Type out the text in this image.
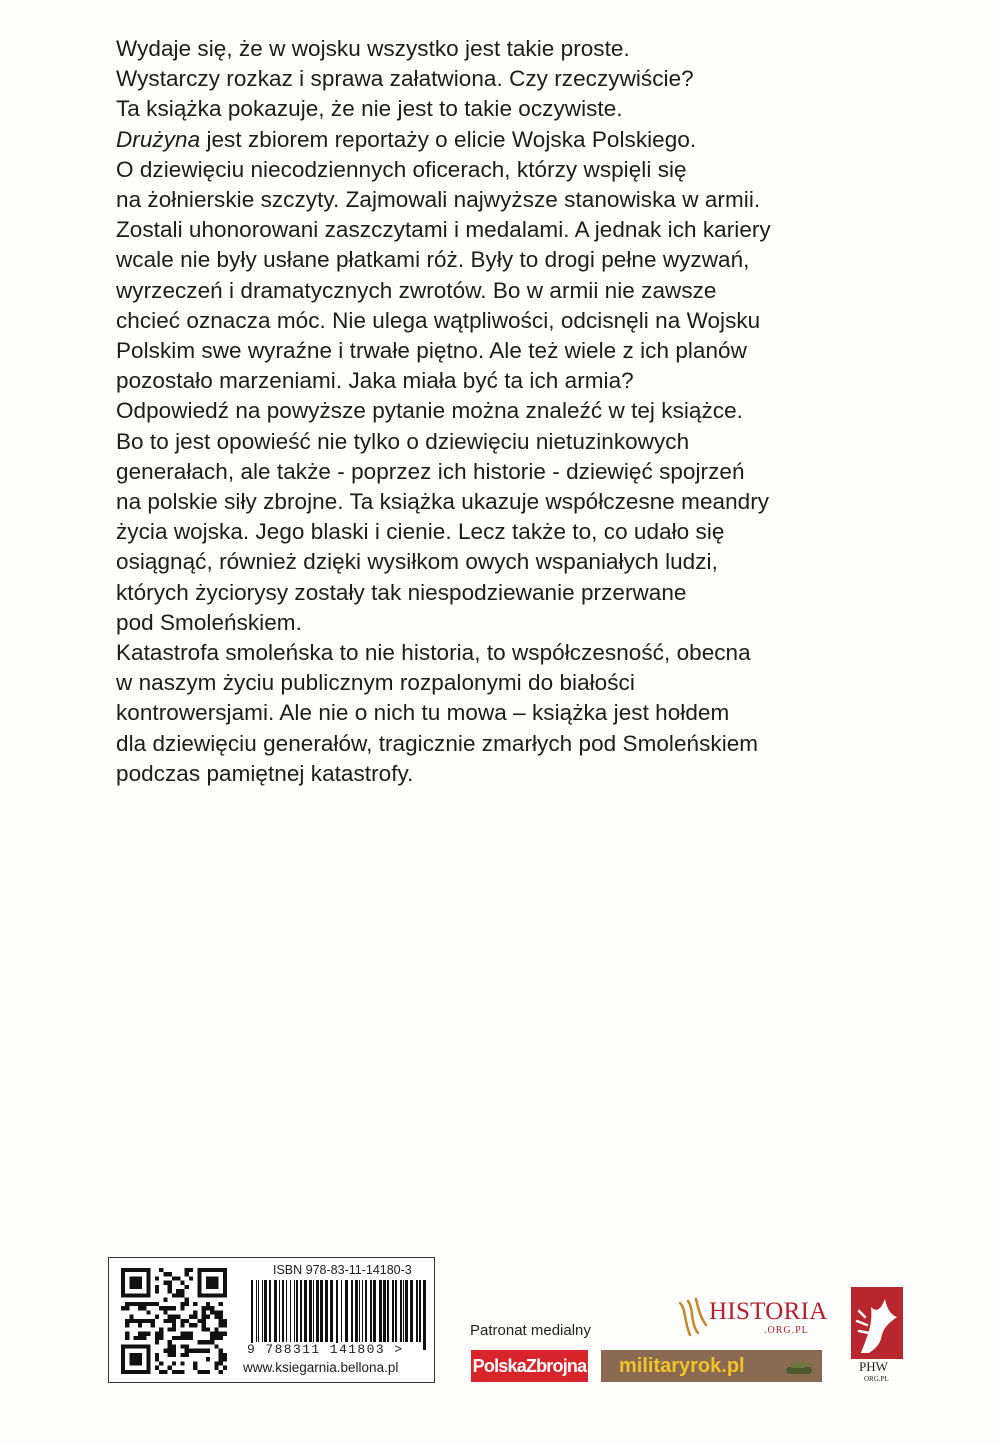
Wydaje się, że w wojsku wszystko jest takie proste.
Wystarczy rozkaz i sprawa załatwiona. Czy rzeczywiście?
Ta książka pokazuje, że nie jest to takie oczywiste.
Drużyna jest zbiorem reportaży o elicie Wojska Polskiego.
O dziewięciu niecodziennych oficerach, którzy wspięli się
na żołnierskie szczyty. Zajmowali najwyższe stanowiska w armii.
Zostali uhonorowani zaszczytami i medalami. A jednak ich kariery
wcale nie były usłane płatkami róż. Były to drogi pełne wyzwań,
wyrzeczeń i dramatycznych zwrotów. Bo w armii nie zawsze
chcieć oznacza móc. Nie ulega wątpliwości, odcisnęli na Wojsku
Polskim swe wyraźne i trwałe piętno. Ale też wiele z ich planów
pozostało marzeniami. Jaka miała być ta ich armia?
Odpowiedź na powyższe pytanie można znaleźć w tej książce.
Bo to jest opowieść nie tylko o dziewięciu nietuzinkowych
generałach, ale także - poprzez ich historie - dziewięć spojrzeń
na polskie siły zbrojne. Ta książka ukazuje współczesne meandry
życia wojska. Jego blaski i cienie. Lecz także to, co udało się
osiągnąć, również dzięki wysiłkom owych wspaniałych ludzi,
których życiorysy zostały tak niespodziewanie przerwane
pod Smoleńskiem.
Katastrofa smoleńska to nie historia, to współczesność, obecna
w naszym życiu publicznym rozpalonymi do białości
kontrowersjami. Ale nie o nich tu mowa – książka jest hołdem
dla dziewięciu generałów, tragicznie zmarłych pod Smoleńskiem
podczas pamiętnej katastrofy.
ISBN 978-83-11-14180-3
9 788311 141803 >
www.ksiegarnia.bellona.pl
Patronat medialny
PolskaZbrojna	militaryrok.pl
HISTORIA
.ORG.PL
PHW
ORG.PL
